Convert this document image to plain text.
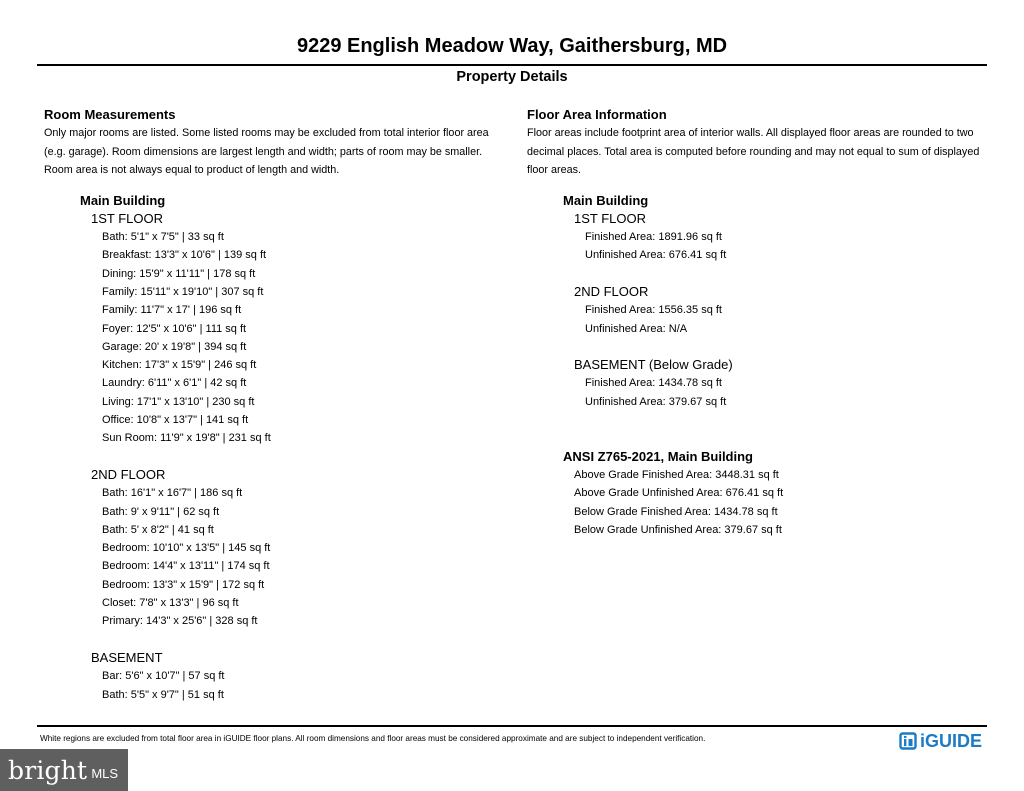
9229 English Meadow Way, Gaithersburg, MD
Property Details
Room Measurements
Only major rooms are listed. Some listed rooms may be excluded from total interior floor area
(e.g. garage). Room dimensions are largest length and width; parts of room may be smaller.
Room area is not always equal to product of length and width.
Main Building
1ST FLOOR
Bath: 5'1" x 7'5" | 33 sq ft
Breakfast: 13'3" x 10'6" | 139 sq ft
Dining: 15'9" x 11'11" | 178 sq ft
Family: 15'11" x 19'10" | 307 sq ft
Family: 11'7" x 17' | 196 sq ft
Foyer: 12'5" x 10'6" | 111 sq ft
Garage: 20' x 19'8" | 394 sq ft
Kitchen: 17'3" x 15'9" | 246 sq ft
Laundry: 6'11" x 6'1" | 42 sq ft
Living: 17'1" x 13'10" | 230 sq ft
Office: 10'8" x 13'7" | 141 sq ft
Sun Room: 11'9" x 19'8" | 231 sq ft
2ND FLOOR
Bath: 16'1" x 16'7" | 186 sq ft
Bath: 9' x 9'11" | 62 sq ft
Bath: 5' x 8'2" | 41 sq ft
Bedroom: 10'10" x 13'5" | 145 sq ft
Bedroom: 14'4" x 13'11" | 174 sq ft
Bedroom: 13'3" x 15'9" | 172 sq ft
Closet: 7'8" x 13'3" | 96 sq ft
Primary: 14'3" x 25'6" | 328 sq ft
BASEMENT
Bar: 5'6" x 10'7" | 57 sq ft
Bath: 5'5" x 9'7" | 51 sq ft
Floor Area Information
Floor areas include footprint area of interior walls. All displayed floor areas are rounded to two
decimal places. Total area is computed before rounding and may not equal to sum of displayed
floor areas.
Main Building
1ST FLOOR
Finished Area: 1891.96 sq ft
Unfinished Area: 676.41 sq ft
2ND FLOOR
Finished Area: 1556.35 sq ft
Unfinished Area: N/A
BASEMENT (Below Grade)
Finished Area: 1434.78 sq ft
Unfinished Area: 379.67 sq ft
ANSI Z765-2021, Main Building
Above Grade Finished Area: 3448.31 sq ft
Above Grade Unfinished Area: 676.41 sq ft
Below Grade Finished Area: 1434.78 sq ft
Below Grade Unfinished Area: 379.67 sq ft
White regions are excluded from total floor area in iGUIDE floor plans. All room dimensions and floor areas must be considered approximate and are subject to independent verification.	iGUIDE
bright MLS
